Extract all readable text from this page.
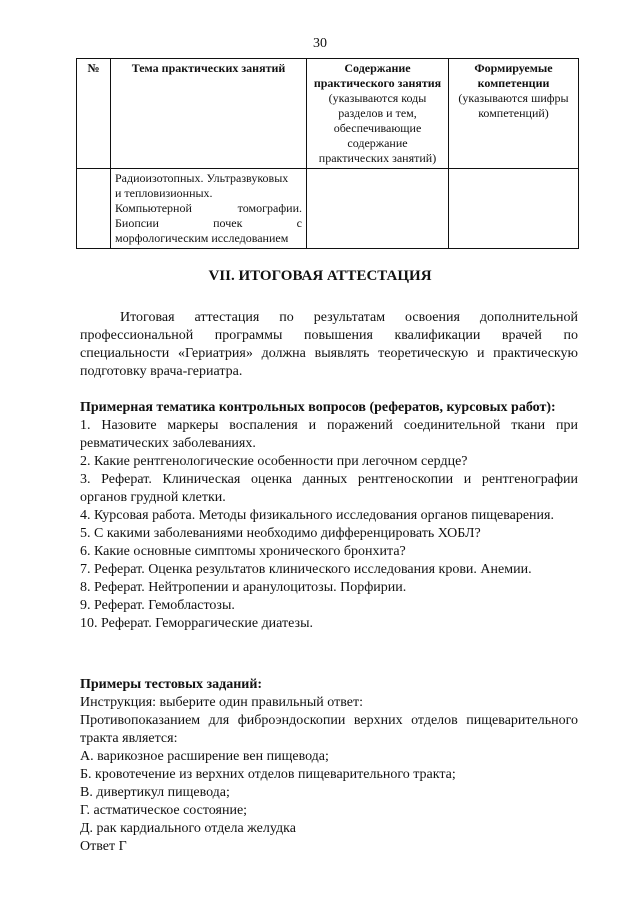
30
№	Тема практических занятий	Содержание практического занятия
(указываются коды разделов и тем, обеспечивающие содержание практических занятий)	Формируемые компетенции
(указываются шифры компетенций)

	Радиоизотопных. Ультразвуковых
и тепловизионных.
Компьютерной томографии.
Биопсии почек с
морфологическим исследованием		

VII. ИТОГОВАЯ АТТЕСТАЦИЯ
Итоговая аттестация по результатам освоения дополнительной профессиональной программы повышения квалификации врачей по специальности «Гериатрия» должна выявлять теоретическую и практическую подготовку врача-гериатра.

Примерная тематика контрольных вопросов (рефератов, курсовых работ):

1. Назовите маркеры воспаления и поражений соединительной ткани при ревматических заболеваниях.

2. Какие рентгенологические особенности при легочном сердце?

3. Реферат. Клиническая оценка данных рентгеноскопии и рентгенографии органов грудной клетки.

4. Курсовая работа. Методы физикального исследования органов пищеварения.

5. С какими заболеваниями необходимо дифференцировать ХОБЛ?

6. Какие основные симптомы хронического бронхита?

7. Реферат. Оценка результатов клинического исследования крови. Анемии.

8. Реферат. Нейтропении и аранулоцитозы. Порфирии.

9. Реферат. Гемобластозы.

10. Реферат. Геморрагические диатезы.

Примеры тестовых заданий:

Инструкция: выберите один правильный ответ:

Противопоказанием для фиброэндоскопии верхних отделов пищеварительного тракта является:

А. варикозное расширение вен пищевода;

Б. кровотечение из верхних отделов пищеварительного тракта;

В. дивертикул пищевода;

Г. астматическое состояние;

Д. рак кардиального отдела желудка

Ответ Г
